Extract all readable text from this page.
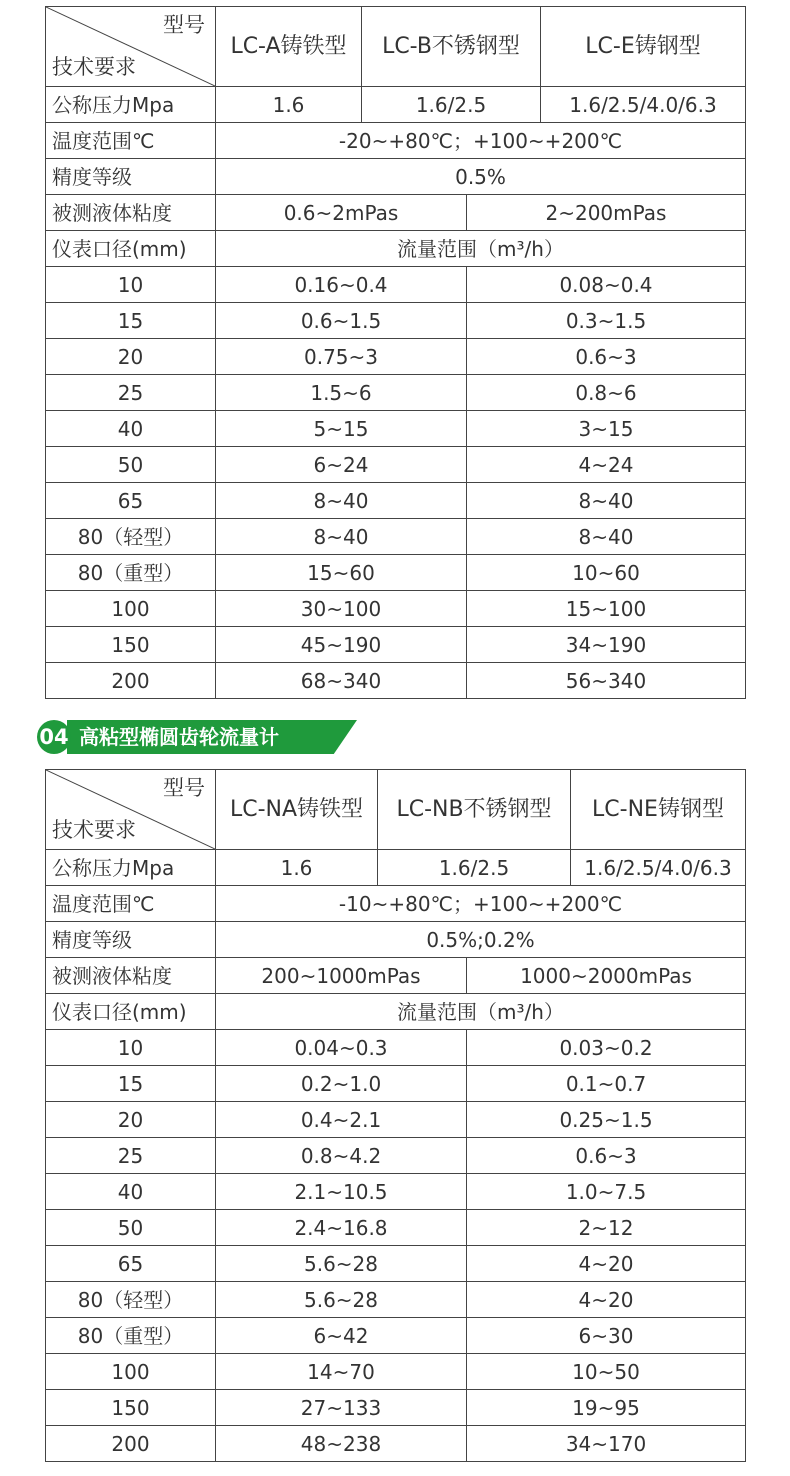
型号
技术要求	LC-A铸铁型	LC-B不锈钢型		LC-E铸钢型
公称压力Mpa	1.6	1.6/2.5		1.6/2.5/4.0/6.3
温度范围℃	-20~+80℃；+100~+200℃			
精度等级	0.5%			
被测液体粘度	0.6~2mPas		2~200mPas	
仪表口径(mm)	流量范围（m³/h）			
10	0.16~0.4		0.08~0.4	
15	0.6~1.5		0.3~1.5	
20	0.75~3		0.6~3	
25	1.5~6		0.8~6	
40	5~15		3~15	
50	6~24		4~24	
65	8~40		8~40	
80（轻型）	8~40		8~40	
80（重型）	15~60		10~60	
100	30~100		15~100	
150	45~190		34~190	
200	68~340		56~340	
04 高粘型椭圆齿轮流量计
型号
技术要求	LC-NA铸铁型	LC-NB不锈钢型		LC-NE铸钢型
公称压力Mpa	1.6	1.6/2.5		1.6/2.5/4.0/6.3
温度范围℃	-10~+80℃；+100~+200℃			
精度等级	0.5%;0.2%			
被测液体粘度	200~1000mPas		1000~2000mPas	
仪表口径(mm)	流量范围（m³/h）			
10	0.04~0.3		0.03~0.2	
15	0.2~1.0		0.1~0.7	
20	0.4~2.1		0.25~1.5	
25	0.8~4.2		0.6~3	
40	2.1~10.5		1.0~7.5	
50	2.4~16.8		2~12	
65	5.6~28		4~20	
80（轻型）	5.6~28		4~20	
80（重型）	6~42		6~30	
100	14~70		10~50	
150	27~133		19~95	
200	48~238		34~170	
